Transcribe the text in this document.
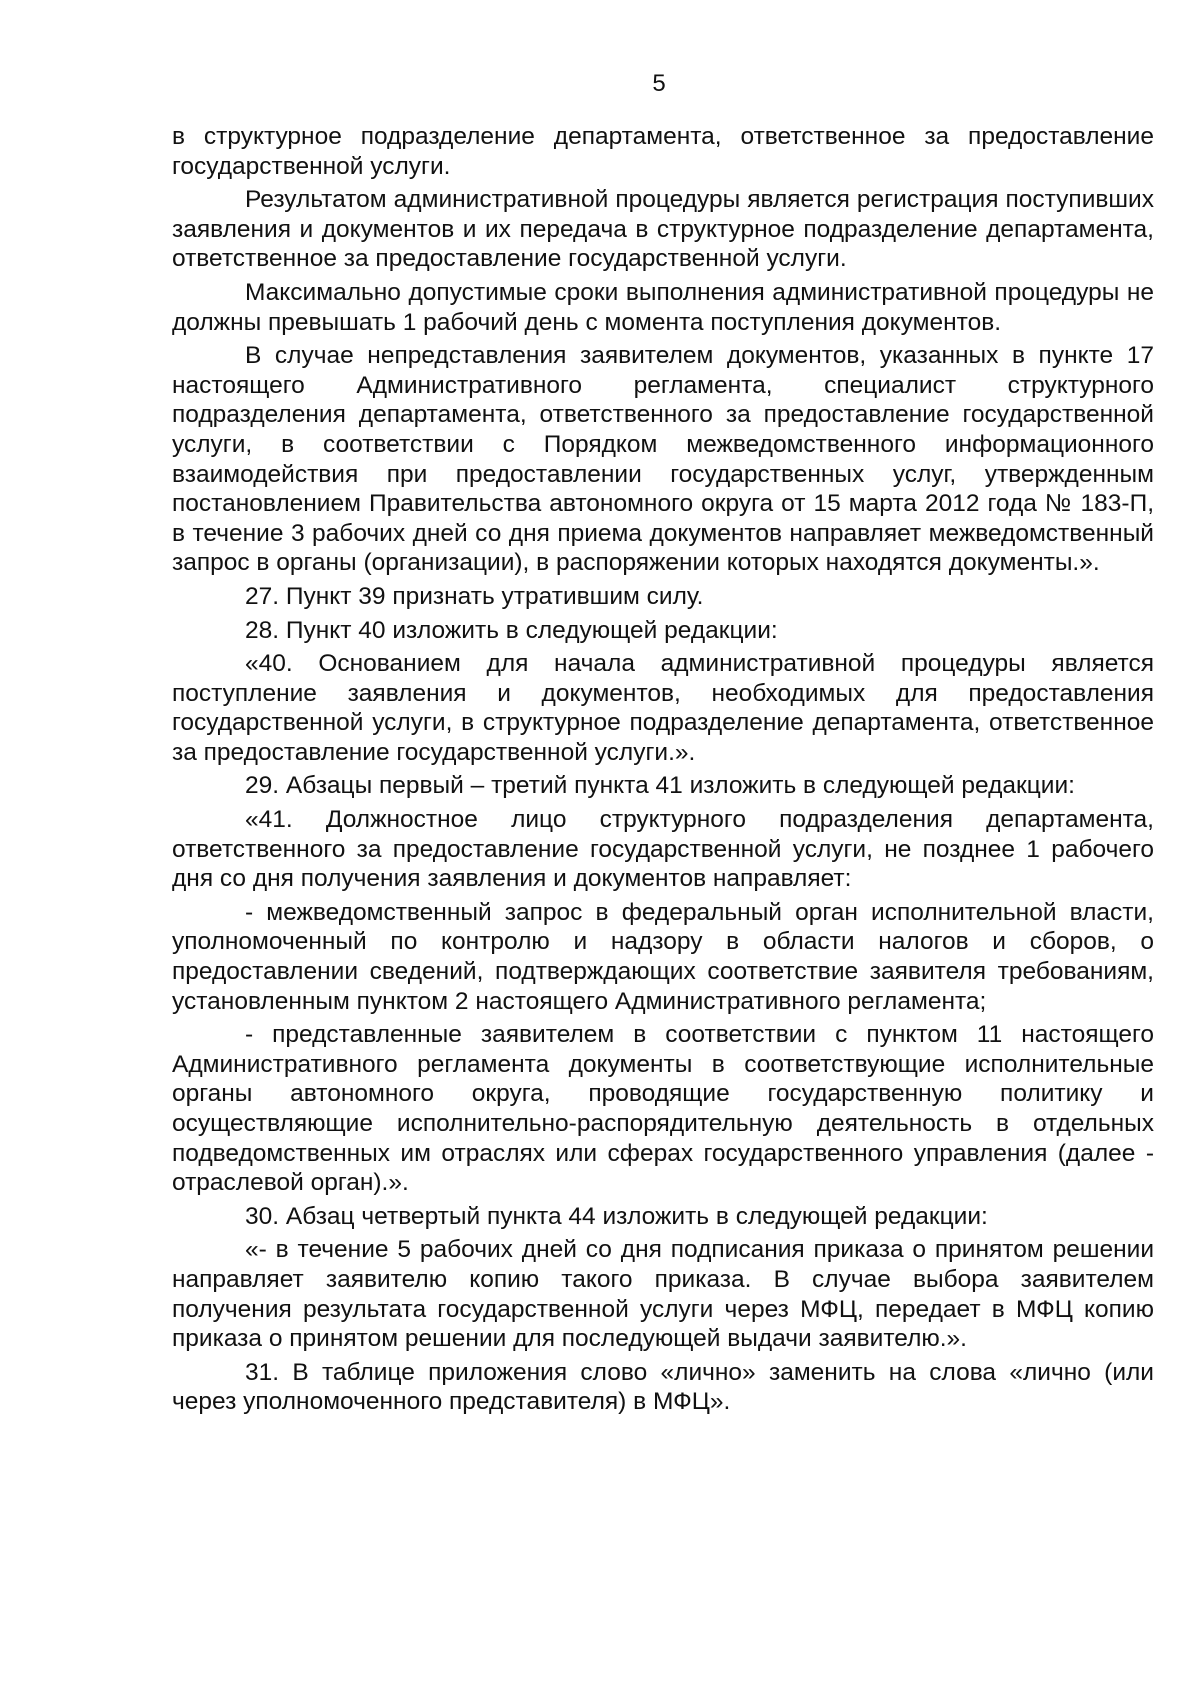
5

в структурное подразделение департамента, ответственное за предоставление государственной услуги.

Результатом административной процедуры является регистрация поступивших заявления и документов и их передача в структурное подразделение департамента, ответственное за предоставление государственной услуги.

Максимально допустимые сроки выполнения административной процедуры не должны превышать 1 рабочий день с момента поступления документов.

В случае непредставления заявителем документов, указанных в пункте 17 настоящего Административного регламента, специалист структурного подразделения департамента, ответственного за предоставление государственной услуги, в соответствии с Порядком межведомственного информационного взаимодействия при предоставлении государственных услуг, утвержденным постановлением Правительства автономного округа от 15 марта 2012 года № 183-П, в течение 3 рабочих дней со дня приема документов направляет межведомственный запрос в органы (организации), в распоряжении которых находятся документы.».

27. Пункт 39 признать утратившим силу.

28. Пункт 40 изложить в следующей редакции:

«40. Основанием для начала административной процедуры является поступление заявления и документов, необходимых для предоставления государственной услуги, в структурное подразделение департамента, ответственное за предоставление государственной услуги.».

29. Абзацы первый – третий пункта 41 изложить в следующей редакции:

«41. Должностное лицо структурного подразделения департамента, ответственного за предоставление государственной услуги, не позднее 1 рабочего дня со дня получения заявления и документов направляет:

- межведомственный запрос в федеральный орган исполнительной власти, уполномоченный по контролю и надзору в области налогов и сборов, о предоставлении сведений, подтверждающих соответствие заявителя требованиям, установленным пунктом 2 настоящего Административного регламента;

- представленные заявителем в соответствии с пунктом 11 настоящего Административного регламента документы в соответствующие исполнительные органы автономного округа, проводящие государственную политику и осуществляющие исполнительно-распорядительную деятельность в отдельных подведомственных им отраслях или сферах государственного управления (далее - отраслевой орган).».

30. Абзац четвертый пункта 44 изложить в следующей редакции:

«- в течение 5 рабочих дней со дня подписания приказа о принятом решении направляет заявителю копию такого приказа. В случае выбора заявителем получения результата государственной услуги через МФЦ, передает в МФЦ копию приказа о принятом решении для последующей выдачи заявителю.».

31. В таблице приложения слово «лично» заменить на слова «лично (или через уполномоченного представителя) в МФЦ».
